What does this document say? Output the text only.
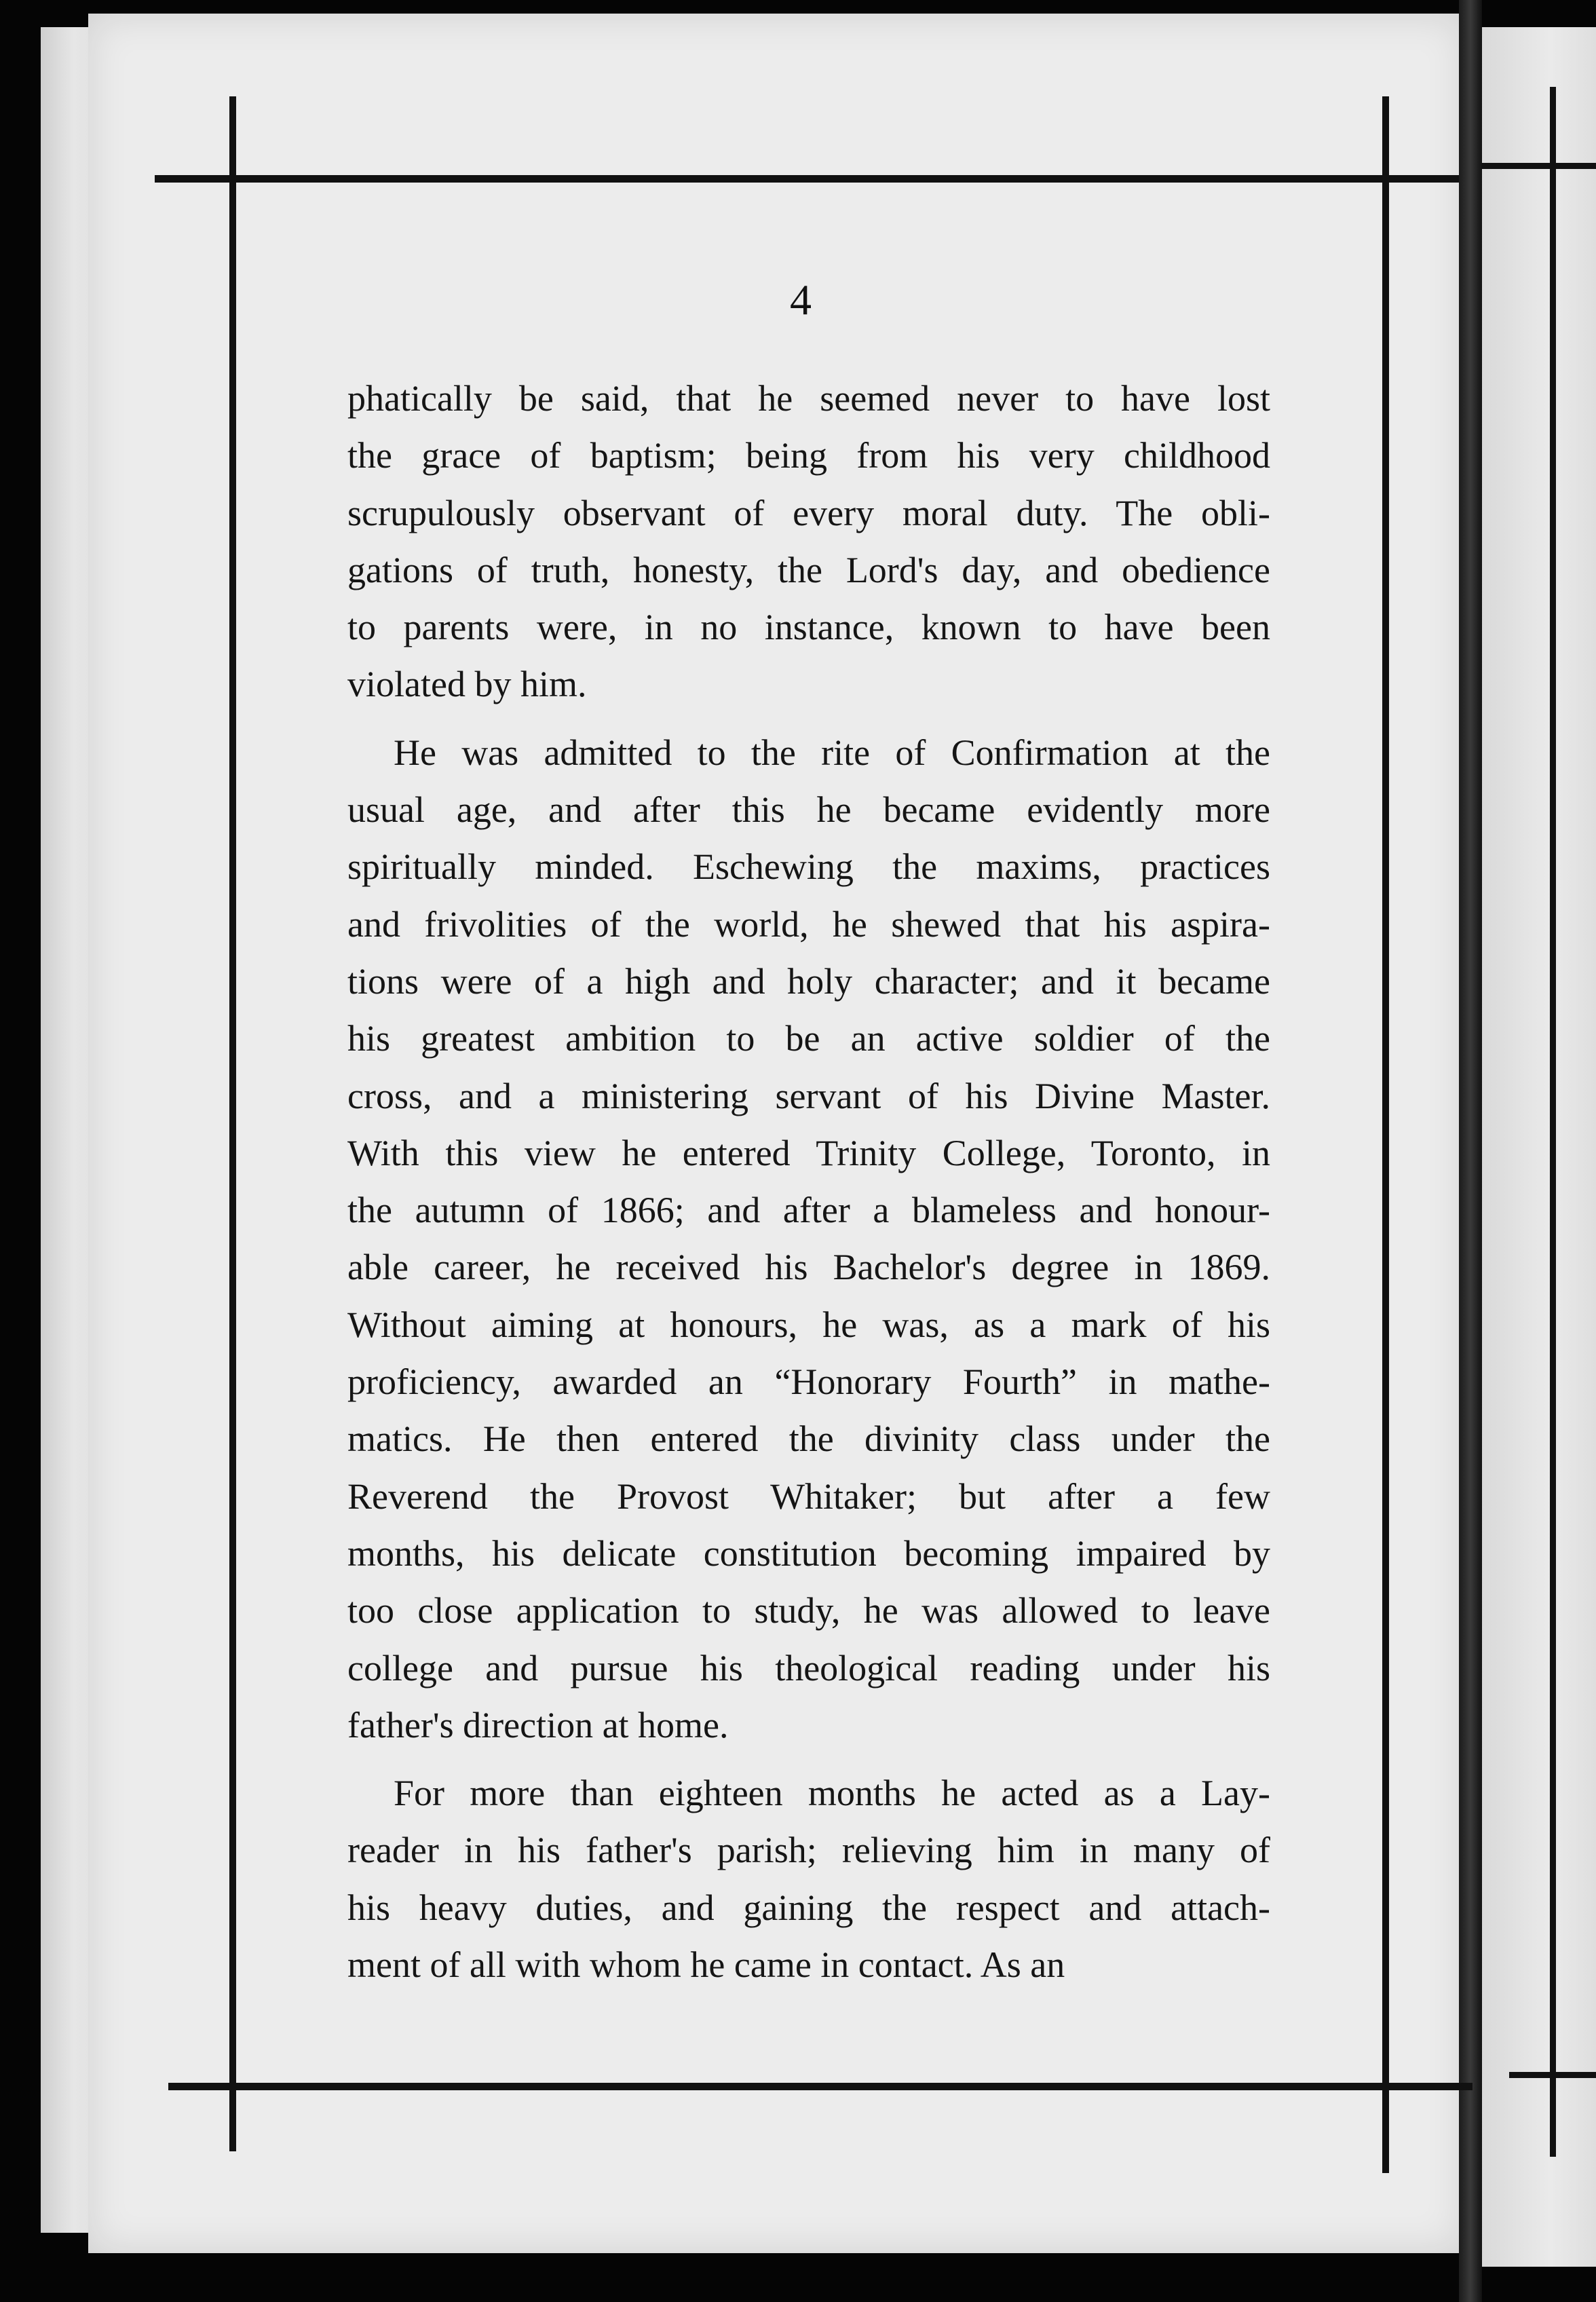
4
phatically be said, that he seemed never to have lost
the grace of baptism; being from his very childhood
scrupulously observant of every moral duty. The obli-
gations of truth, honesty, the Lord's day, and obedience
to parents were, in no instance, known to have been
violated by him.
He was admitted to the rite of Confirmation at the
usual age, and after this he became evidently more
spiritually minded. Eschewing the maxims, practices
and frivolities of the world, he shewed that his aspira-
tions were of a high and holy character; and it became
his greatest ambition to be an active soldier of the
cross, and a ministering servant of his Divine Master.
With this view he entered Trinity College, Toronto, in
the autumn of 1866; and after a blameless and honour-
able career, he received his Bachelor's degree in 1869.
Without aiming at honours, he was, as a mark of his
proficiency, awarded an “Honorary Fourth” in mathe-
matics. He then entered the divinity class under the
Reverend the Provost Whitaker; but after a few
months, his delicate constitution becoming impaired by
too close application to study, he was allowed to leave
college and pursue his theological reading under his
father's direction at home.
For more than eighteen months he acted as a Lay-
reader in his father's parish; relieving him in many of
his heavy duties, and gaining the respect and attach-
ment of all with whom he came in contact. As an
